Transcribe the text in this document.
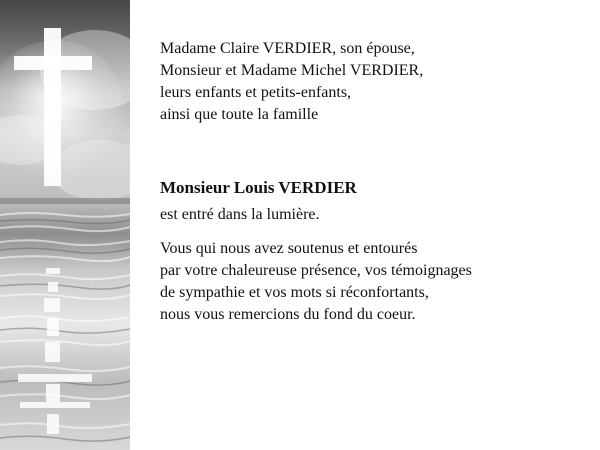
Madame Claire VERDIER, son épouse,
Monsieur et Madame Michel VERDIER,
leurs enfants et petits-enfants,
ainsi que toute la famille
Monsieur Louis VERDIER
est entré dans la lumière.
Vous qui nous avez soutenus et entourés
par votre chaleureuse présence, vos témoignages
de sympathie et vos mots si réconfortants,
nous vous remercions du fond du coeur.
